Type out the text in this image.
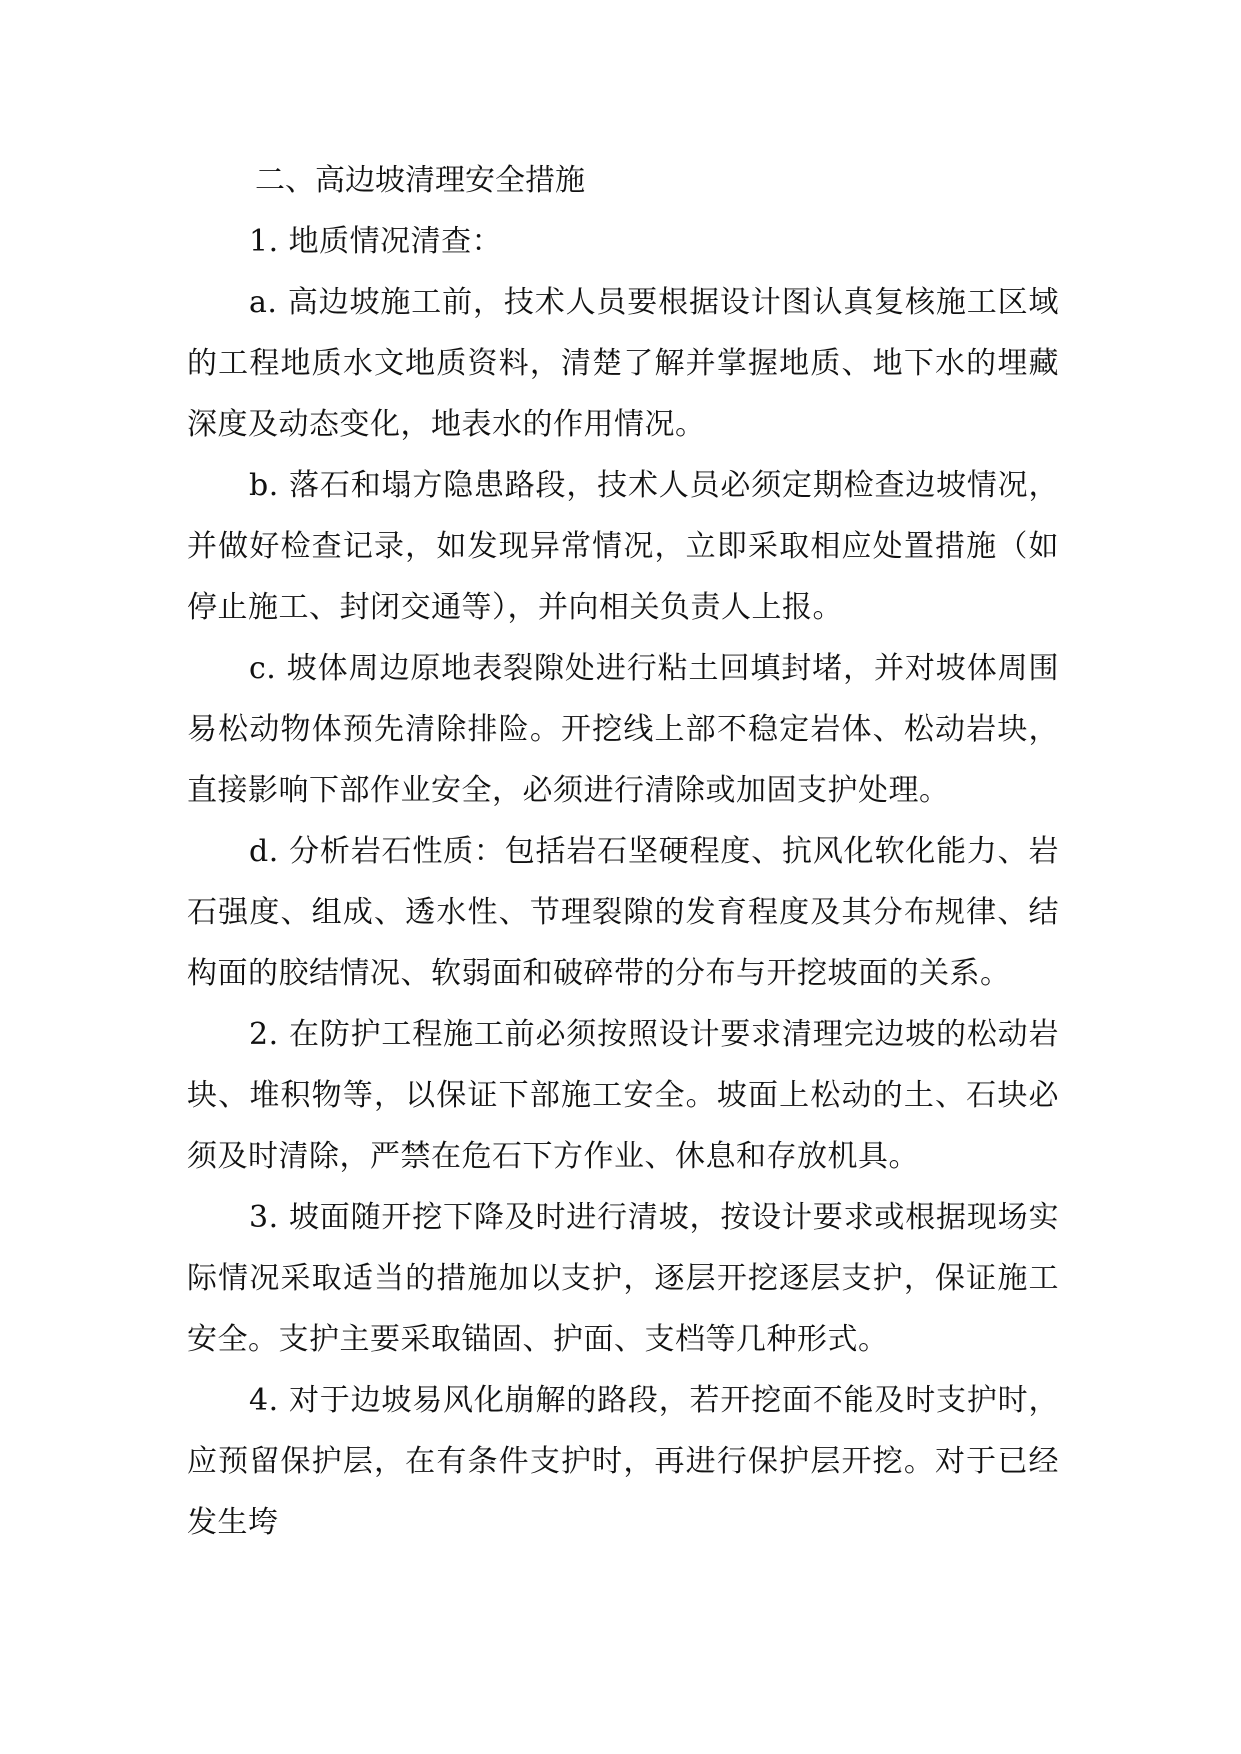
二、高边坡清理安全措施

1. 地质情况清查：

a. 高边坡施工前，技术人员要根据设计图认真复核施工区域的工程地质水文地质资料，清楚了解并掌握地质、地下水的埋藏深度及动态变化，地表水的作用情况。

b. 落石和塌方隐患路段，技术人员必须定期检查边坡情况，并做好检查记录，如发现异常情况，立即采取相应处置措施（如停止施工、封闭交通等），并向相关负责人上报。

c. 坡体周边原地表裂隙处进行粘土回填封堵，并对坡体周围易松动物体预先清除排险。开挖线上部不稳定岩体、松动岩块，直接影响下部作业安全，必须进行清除或加固支护处理。

d. 分析岩石性质：包括岩石坚硬程度、抗风化软化能力、岩石强度、组成、透水性、节理裂隙的发育程度及其分布规律、结构面的胶结情况、软弱面和破碎带的分布与开挖坡面的关系。

2. 在防护工程施工前必须按照设计要求清理完边坡的松动岩块、堆积物等，以保证下部施工安全。坡面上松动的土、石块必须及时清除，严禁在危石下方作业、休息和存放机具。

3. 坡面随开挖下降及时进行清坡，按设计要求或根据现场实际情况采取适当的措施加以支护，逐层开挖逐层支护，保证施工安全。支护主要采取锚固、护面、支档等几种形式。

4. 对于边坡易风化崩解的路段，若开挖面不能及时支护时，应预留保护层，在有条件支护时，再进行保护层开挖。对于已经发生垮
